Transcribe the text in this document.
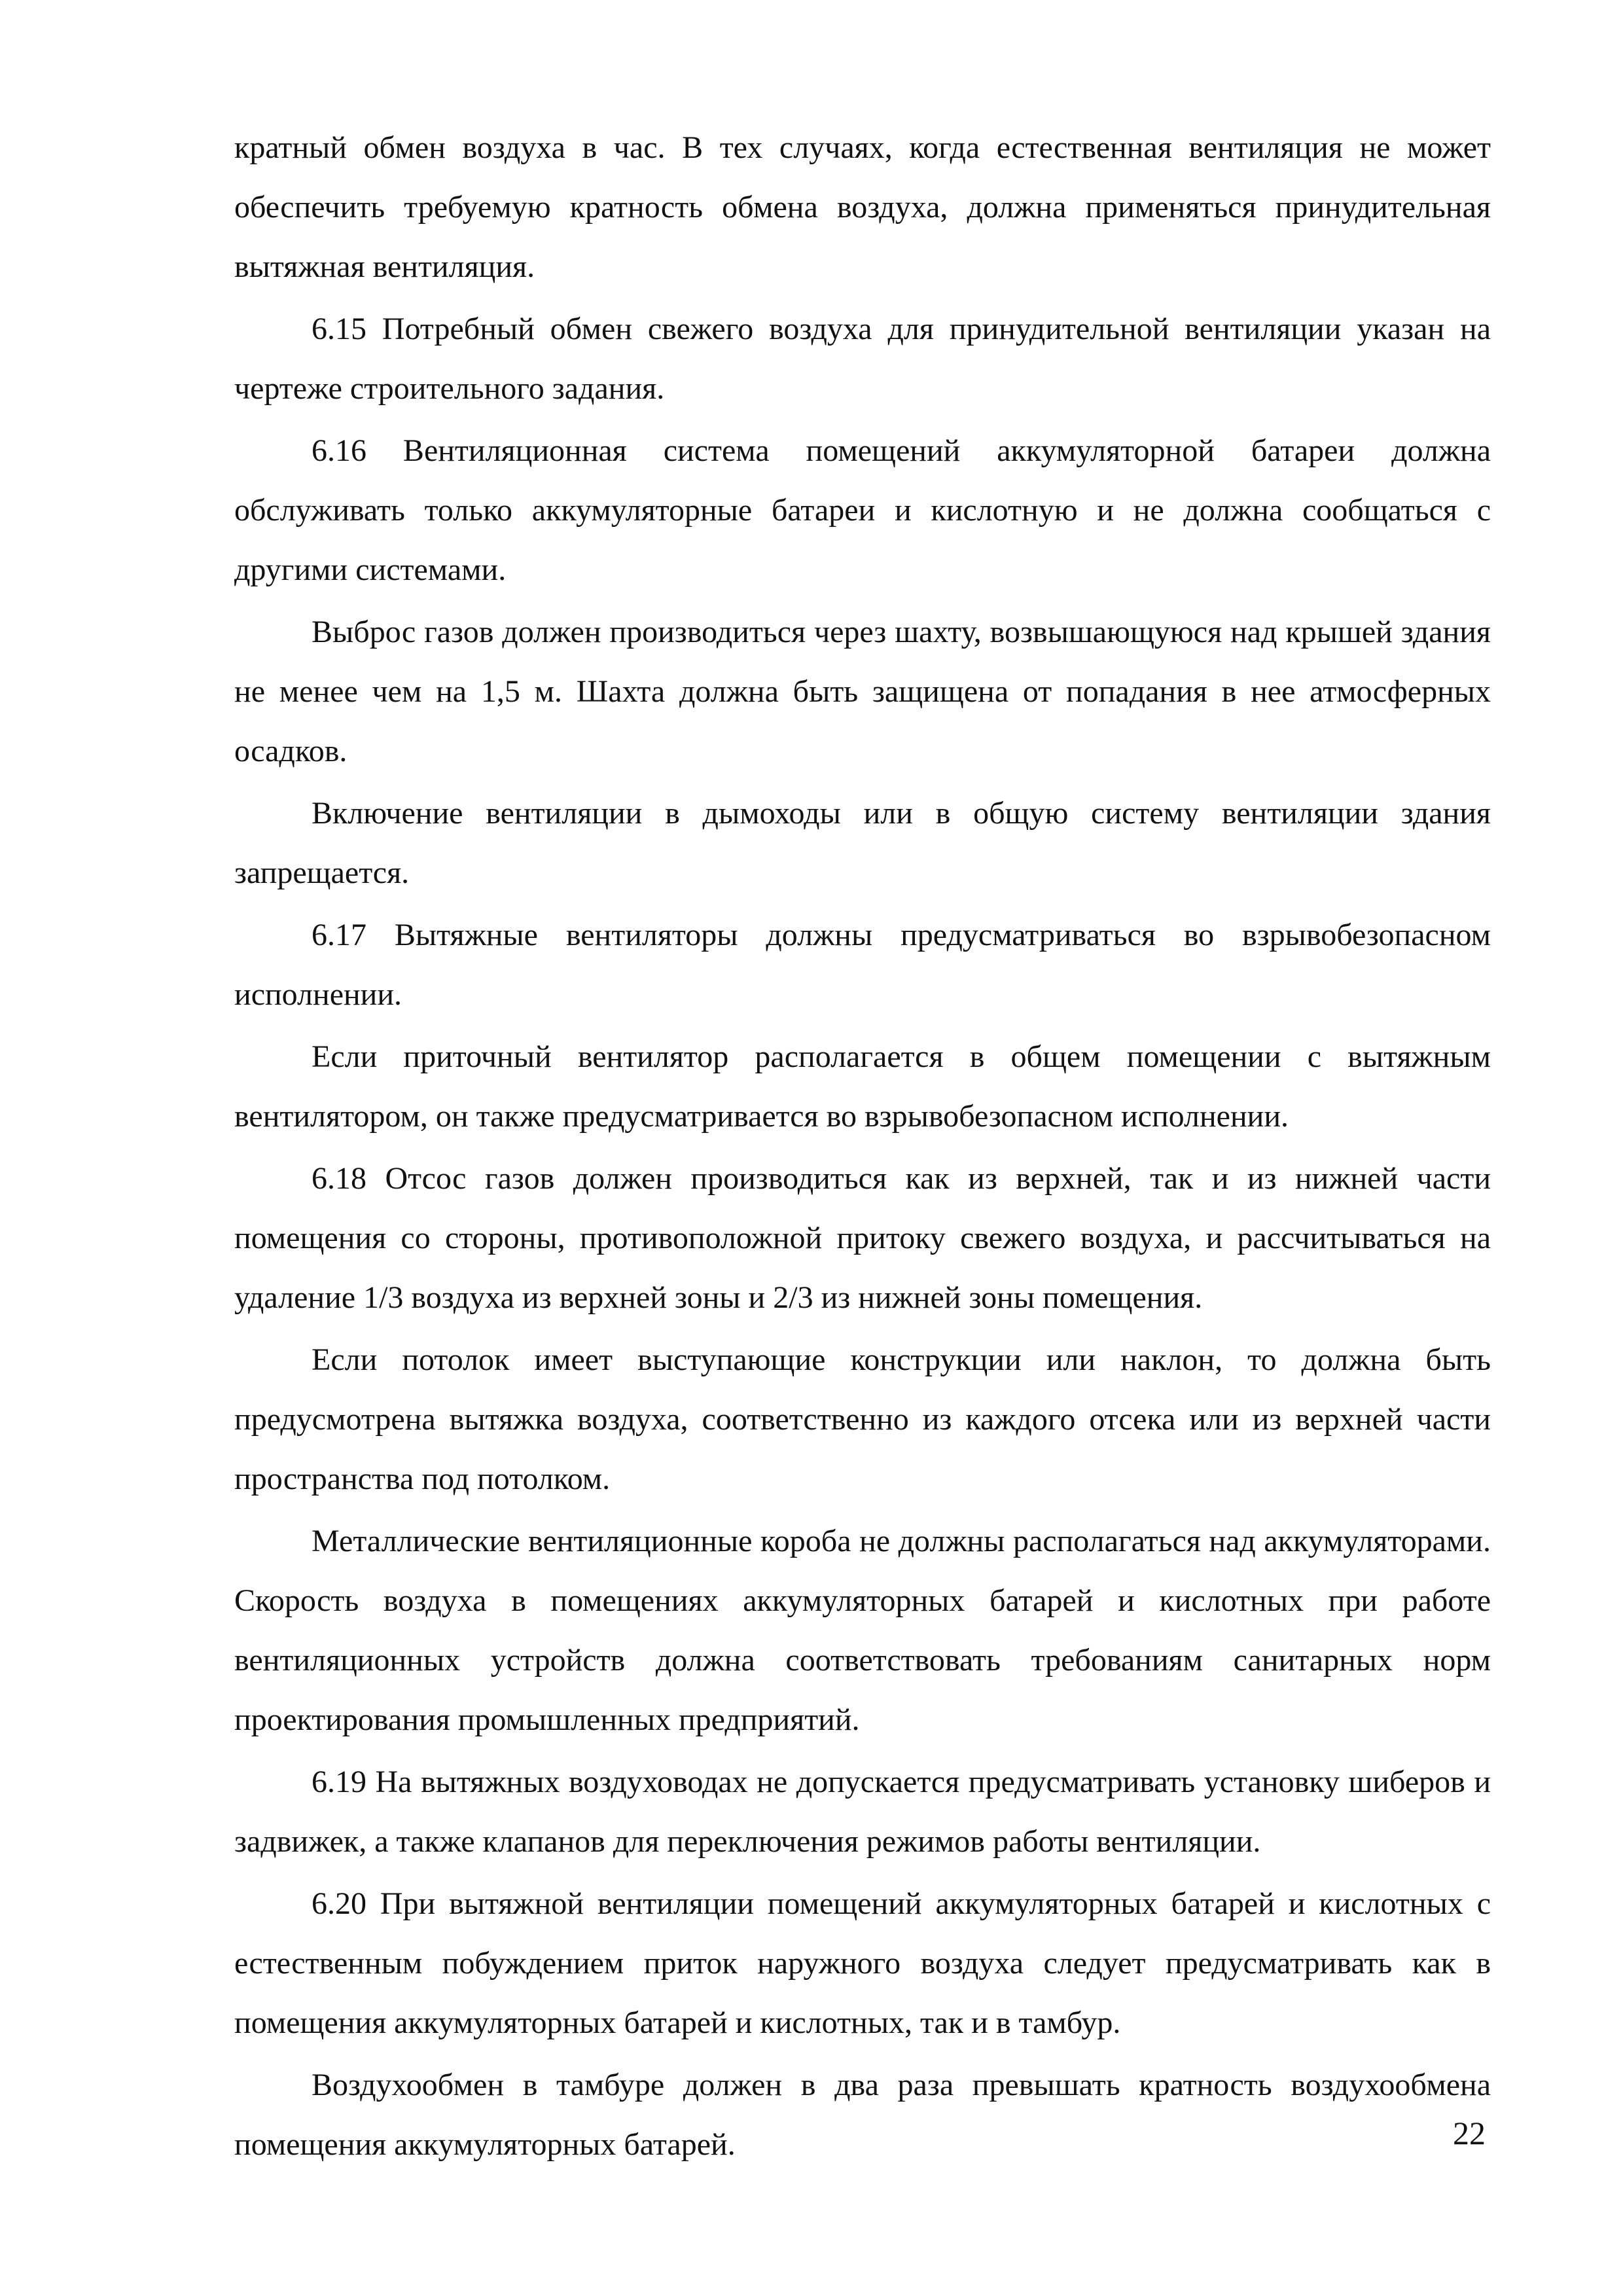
кратный обмен воздуха в час. В тех случаях, когда естественная вентиляция не может обеспечить требуемую кратность обмена воздуха, должна применяться принудительная вытяжная вентиляция.

6.15 Потребный обмен свежего воздуха для принудительной вентиляции указан на чертеже строительного задания.

6.16 Вентиляционная система помещений аккумуляторной батареи должна обслуживать только аккумуляторные батареи и кислотную и не должна сообщаться с другими системами.

Выброс газов должен производиться через шахту, возвышающуюся над крышей здания не менее чем на 1,5 м. Шахта должна быть защищена от попадания в нее атмосферных осадков.

Включение вентиляции в дымоходы или в общую систему вентиляции здания запрещается.

6.17 Вытяжные вентиляторы должны предусматриваться во взрывобезопасном исполнении.

Если приточный вентилятор располагается в общем помещении с вытяжным вентилятором, он также предусматривается во взрывобезопасном исполнении.

6.18 Отсос газов должен производиться как из верхней, так и из нижней части помещения со стороны, противоположной притоку свежего воздуха, и рассчитываться на удаление 1/3 воздуха из верхней зоны и 2/3 из нижней зоны помещения.

Если потолок имеет выступающие конструкции или наклон, то должна быть предусмотрена вытяжка воздуха, соответственно из каждого отсека или из верхней части пространства под потолком.

Металлические вентиляционные короба не должны располагаться над аккумуляторами. Скорость воздуха в помещениях аккумуляторных батарей и кислотных при работе вентиляционных устройств должна соответствовать требованиям санитарных норм проектирования промышленных предприятий.

6.19 На вытяжных воздуховодах не допускается предусматривать установку шиберов и задвижек, а также клапанов для переключения режимов работы вентиляции.

6.20 При вытяжной вентиляции помещений аккумуляторных батарей и кислотных с естественным побуждением приток наружного воздуха следует предусматривать как в помещения аккумуляторных батарей и кислотных, так и в тамбур.

Воздухообмен в тамбуре должен в два раза превышать кратность воздухообмена помещения аккумуляторных батарей.	22
